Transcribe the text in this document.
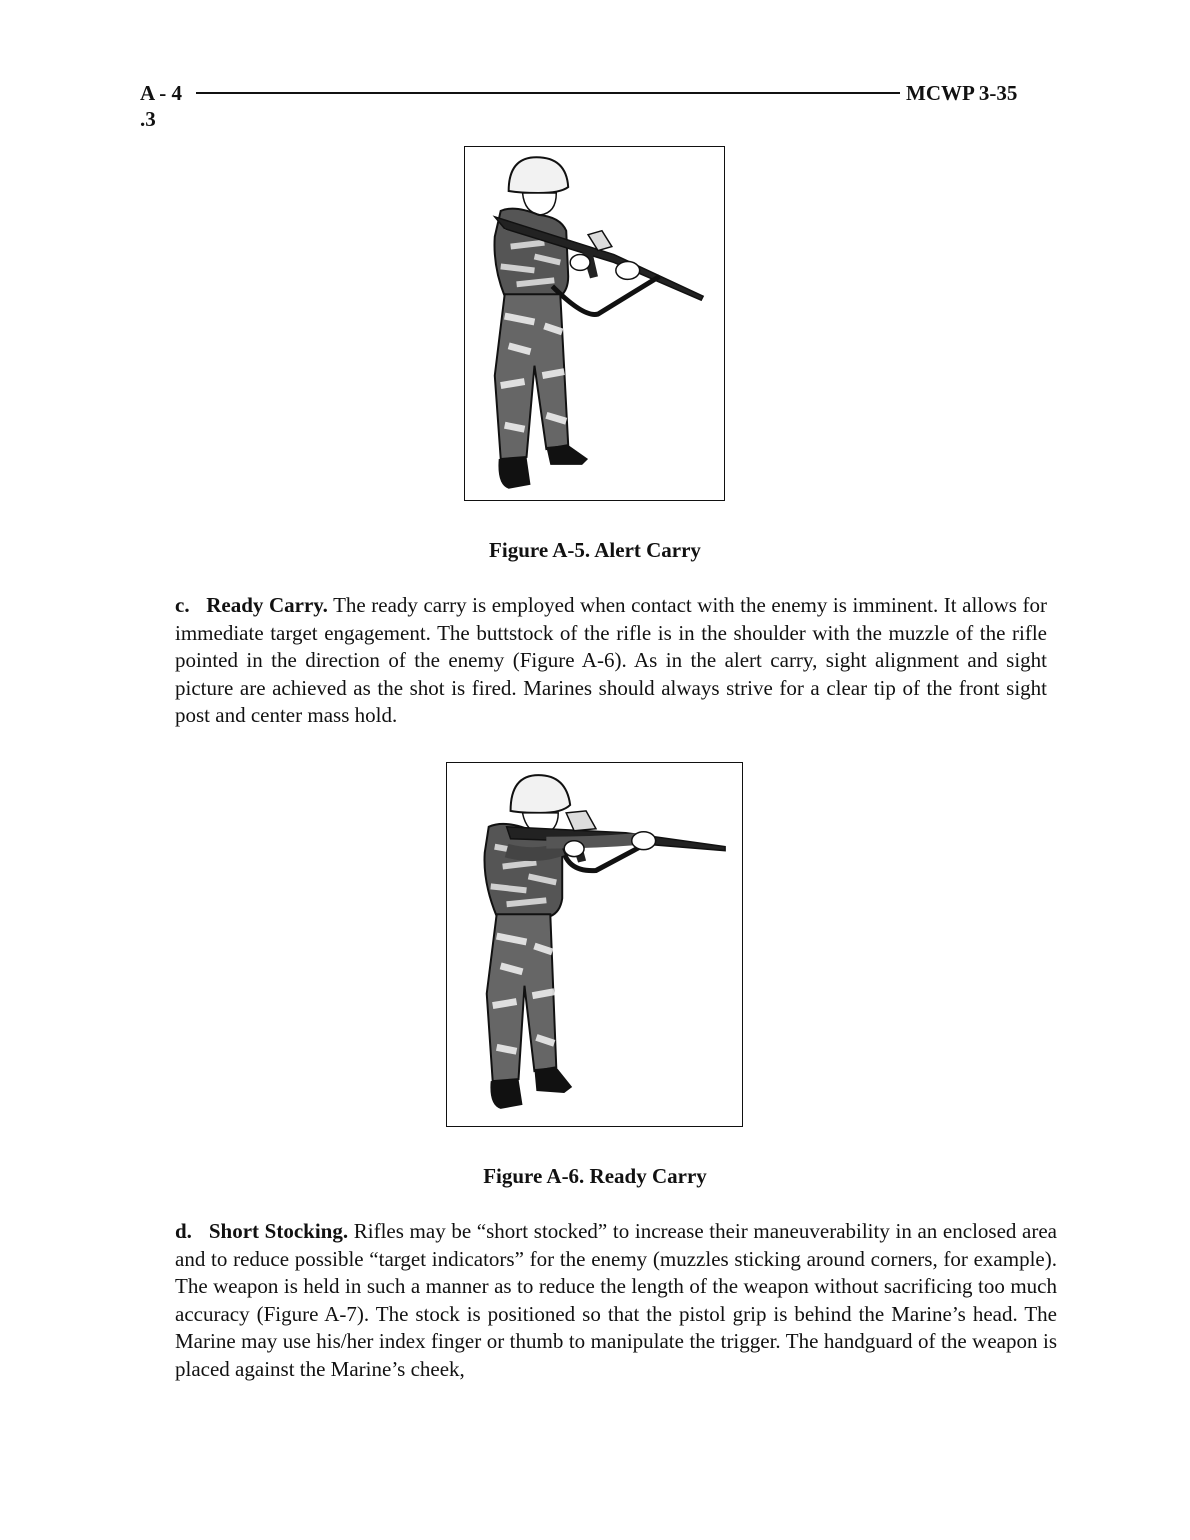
A - 4
.3
MCWP 3-35
Figure A-5. Alert Carry

c. Ready Carry. The ready carry is employed when contact with the enemy is imminent. It allows for immediate target engagement. The buttstock of the rifle is in the shoulder with the muzzle of the rifle pointed in the direction of the enemy (Figure A-6). As in the alert carry, sight alignment and sight picture are achieved as the shot is fired. Marines should always strive for a clear tip of the front sight post and center mass hold.

Figure A-6. Ready Carry

d. Short Stocking. Rifles may be “short stocked” to increase their maneuverability in an enclosed area and to reduce possible “target indicators” for the enemy (muzzles sticking around corners, for example). The weapon is held in such a manner as to reduce the length of the weapon without sacrificing too much accuracy (Figure A-7). The stock is positioned so that the pistol grip is behind the Marine’s head. The Marine may use his/her index finger or thumb to manipulate the trigger. The handguard of the weapon is placed against the Marine’s cheek,
